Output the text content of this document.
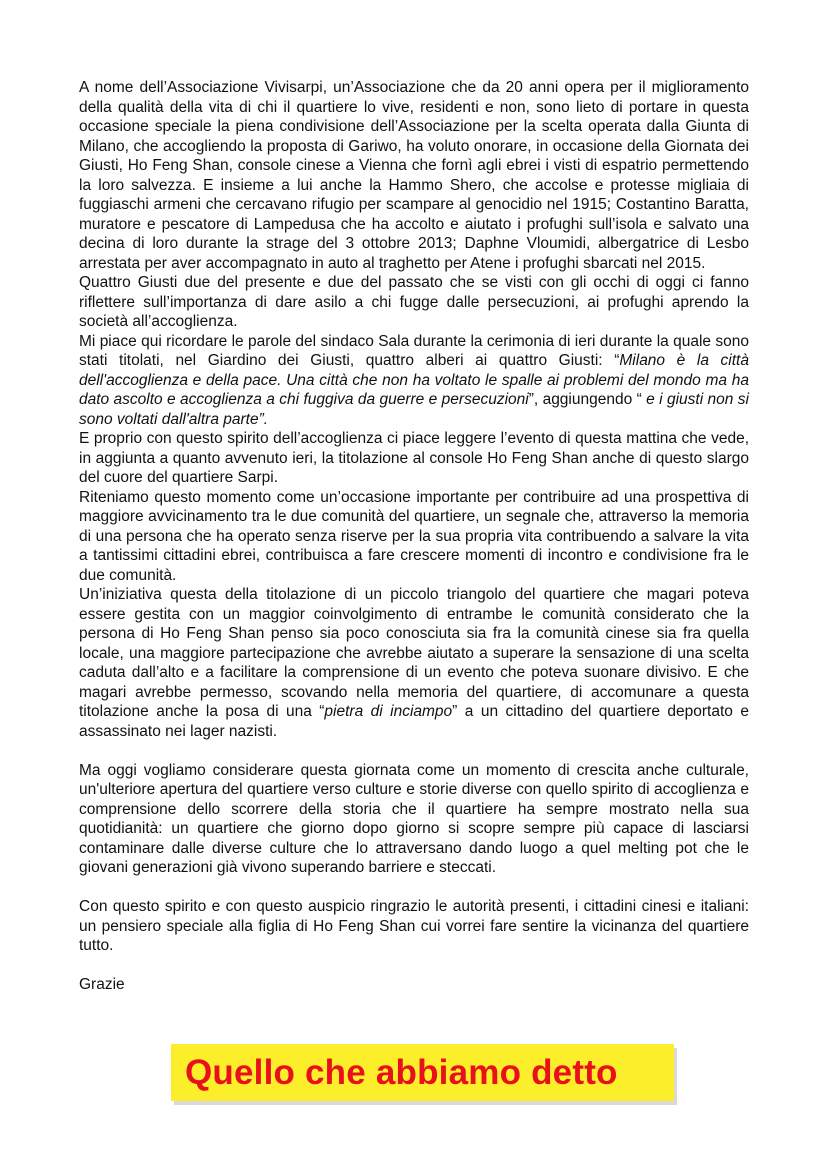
A nome dell’Associazione Vivisarpi, un’Associazione che da 20 anni opera per il miglioramento della qualità della vita di chi il quartiere lo vive, residenti e non, sono lieto di portare in questa occasione speciale la piena condivisione dell’Associazione per la scelta operata dalla Giunta di Milano, che accogliendo la proposta di Gariwo, ha voluto onorare, in occasione della Giornata dei Giusti, Ho Feng Shan, console cinese a Vienna che fornì agli ebrei i visti di espatrio permettendo la loro salvezza. E insieme a lui anche la Hammo Shero, che accolse e protesse migliaia di fuggiaschi armeni che cercavano rifugio per scampare al genocidio nel 1915; Costantino Baratta, muratore e pescatore di Lampedusa che ha accolto e aiutato i profughi sull’isola e salvato una decina di loro durante la strage del 3 ottobre 2013; Daphne Vloumidi, albergatrice di Lesbo arrestata per aver accompagnato in auto al traghetto per Atene i profughi sbarcati nel 2015.

Quattro Giusti due del presente e due del passato che se visti con gli occhi di oggi ci fanno riflettere sull’importanza di dare asilo a chi fugge dalle persecuzioni, ai profughi aprendo la società all’accoglienza.

Mi piace qui ricordare le parole del sindaco Sala durante la cerimonia di ieri durante la quale sono stati titolati, nel Giardino dei Giusti, quattro alberi ai quattro Giusti: “Milano è la città dell'accoglienza e della pace. Una città che non ha voltato le spalle ai problemi del mondo ma ha dato ascolto e accoglienza a chi fuggiva da guerre e persecuzioni”, aggiungendo “ e i giusti non si sono voltati dall'altra parte”.

E proprio con questo spirito dell’accoglienza ci piace leggere l’evento di questa mattina che vede, in aggiunta a quanto avvenuto ieri, la titolazione al console Ho Feng Shan anche di questo slargo del cuore del quartiere Sarpi.

Riteniamo questo momento come un’occasione importante per contribuire ad una prospettiva di maggiore avvicinamento tra le due comunità del quartiere, un segnale che, attraverso la memoria di una persona che ha operato senza riserve per la sua propria vita contribuendo a salvare la vita a tantissimi cittadini ebrei, contribuisca a fare crescere momenti di incontro e condivisione fra le due comunità.

Un’iniziativa questa della titolazione di un piccolo triangolo del quartiere che magari poteva essere gestita con un maggior coinvolgimento di entrambe le comunità considerato che la persona di Ho Feng Shan penso sia poco conosciuta sia fra la comunità cinese sia fra quella locale, una maggiore partecipazione che avrebbe aiutato a superare la sensazione di una scelta caduta dall’alto e a facilitare la comprensione di un evento che poteva suonare divisivo. E che magari avrebbe permesso, scovando nella memoria del quartiere, di accomunare a questa titolazione anche la posa di una “pietra di inciampo” a un cittadino del quartiere deportato e assassinato nei lager nazisti.

Ma oggi vogliamo considerare questa giornata come un momento di crescita anche culturale, un'ulteriore apertura del quartiere verso culture e storie diverse con quello spirito di accoglienza e comprensione dello scorrere della storia che il quartiere ha sempre mostrato nella sua quotidianità: un quartiere che giorno dopo giorno si scopre sempre più capace di lasciarsi contaminare dalle diverse culture che lo attraversano dando luogo a quel melting pot che le giovani generazioni già vivono superando barriere e steccati.

Con questo spirito e con questo auspicio ringrazio le autorità presenti, i cittadini cinesi e italiani: un pensiero speciale alla figlia di Ho Feng Shan cui vorrei fare sentire la vicinanza del quartiere tutto.

Grazie

Quello che abbiamo detto
